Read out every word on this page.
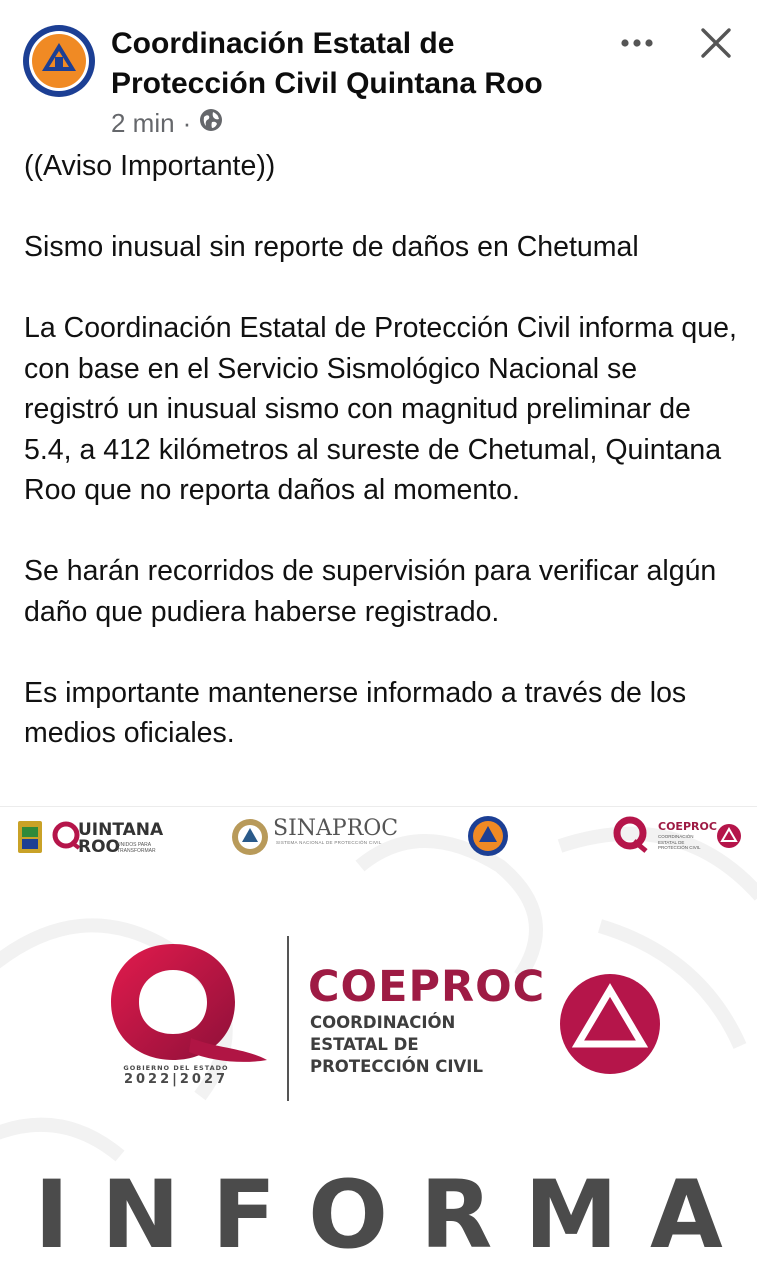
Coordinación Estatal de Protección Civil Quintana Roo
2 min ·

((Aviso Importante))

Sismo inusual sin reporte de daños en Chetumal

La Coordinación Estatal de Protección Civil informa que, con base en el Servicio Sismológico Nacional se registró un inusual sismo con magnitud preliminar de 5.4, a 412 kilómetros al sureste de Chetumal, Quintana Roo que no reporta daños al momento.

Se harán recorridos de supervisión para verificar algún daño que pudiera haberse registrado.

Es importante mantenerse informado a través de los medios oficiales.

UINTANA
ROO
UNIDOS PARA TRANSFORMAR
SINAPROC
SISTEMA NACIONAL DE PROTECCIÓN CIVIL
COEPROC
COORDINACIÓN ESTATAL DE PROTECCIÓN CIVIL
GOBIERNO DEL ESTADO
2022|2027
COEPROC
COORDINACIÓN
ESTATAL DE
PROTECCIÓN CIVIL
INFORMA
